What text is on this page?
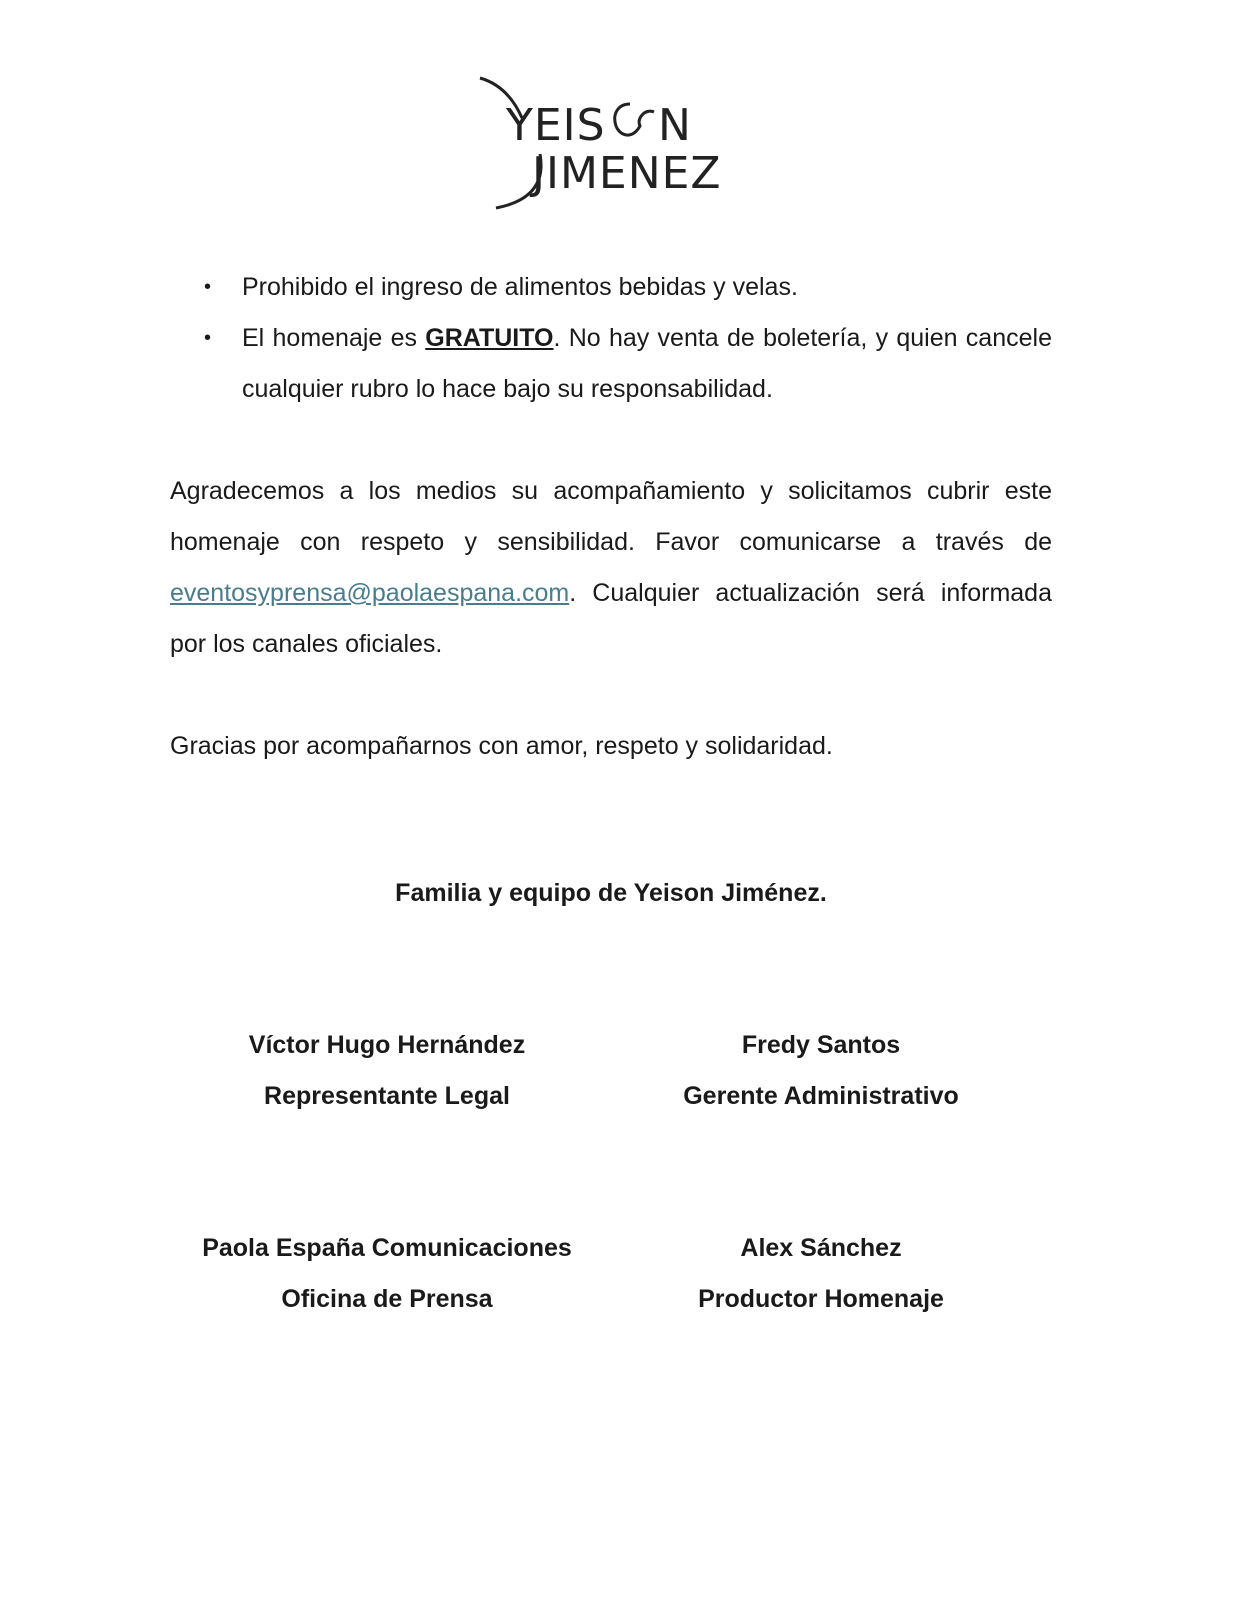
YEIS N
JIMENEZ
• Prohibido el ingreso de alimentos bebidas y velas.
• El homenaje es GRATUITO. No hay venta de boletería, y quien cancele cualquier rubro lo hace bajo su responsabilidad.

Agradecemos a los medios su acompañamiento y solicitamos cubrir este homenaje con respeto y sensibilidad. Favor comunicarse a través de eventosyprensa@paolaespana.com. Cualquier actualización será informada por los canales oficiales.

Gracias por acompañarnos con amor, respeto y solidaridad.

Familia y equipo de Yeison Jiménez.
Víctor Hugo Hernández
Representante Legal
Fredy Santos
Gerente Administrativo
Paola España Comunicaciones
Oficina de Prensa
Alex Sánchez
Productor Homenaje
